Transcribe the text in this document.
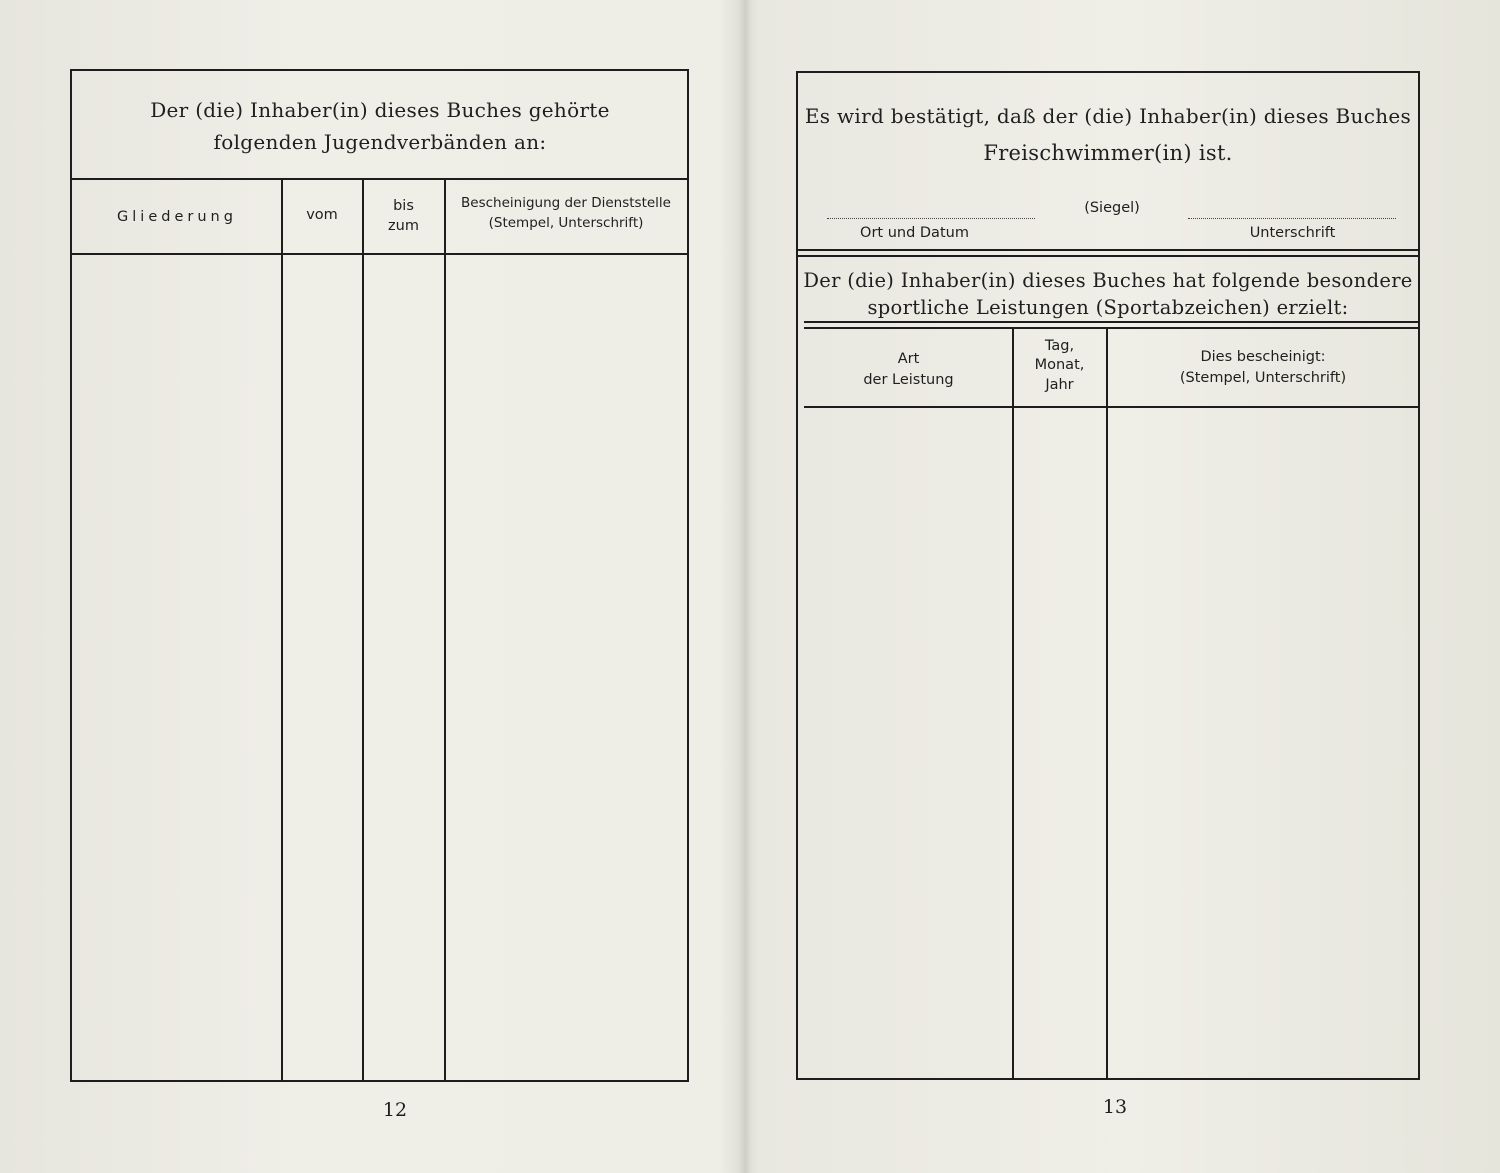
Der (die) Inhaber(in) dieses Buches gehörte
folgenden Jugendverbänden an:
Gliederung	vom
bis
zum
Bescheinigung der Dienststelle
(Stempel, Unterschrift)
12
Es wird bestätigt, daß der (die) Inhaber(in) dieses Buches
Freischwimmer(in) ist.
(Siegel)
Ort und Datum	Unterschrift
Der (die) Inhaber(in) dieses Buches hat folgende besondere
sportliche Leistungen (Sportabzeichen) erzielt:
Art
der Leistung
Tag,
Monat,
Jahr
Dies bescheinigt:
(Stempel, Unterschrift)
13
